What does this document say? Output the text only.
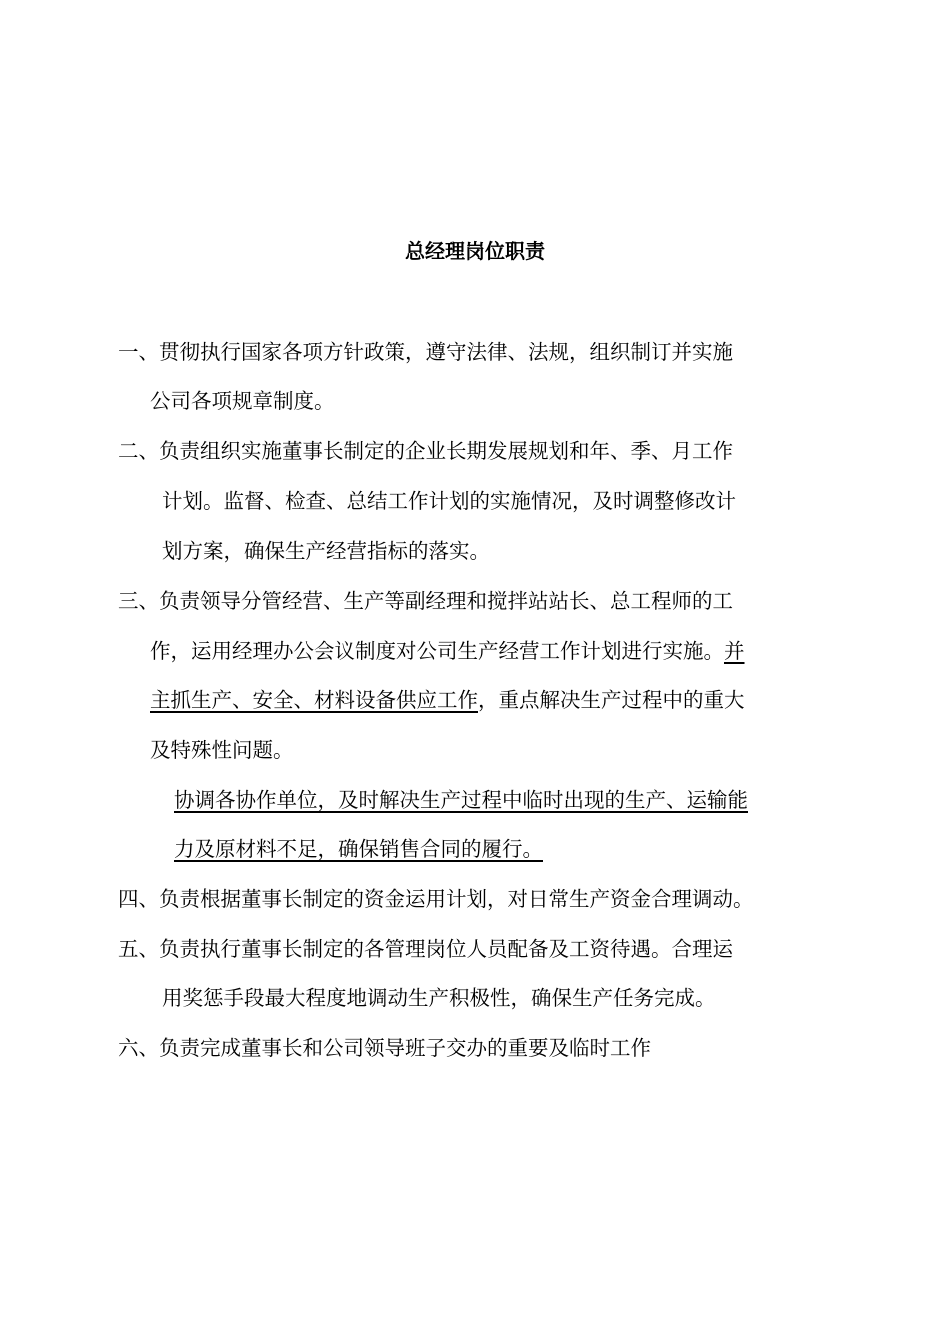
总经理岗位职责
一、贯彻执行国家各项方针政策，遵守法律、法规，组织制订并实施
公司各项规章制度。
二、负责组织实施董事长制定的企业长期发展规划和年、季、月工作
计划。监督、检查、总结工作计划的实施情况，及时调整修改计
划方案，确保生产经营指标的落实。
三、负责领导分管经营、生产等副经理和搅拌站站长、总工程师的工
作，运用经理办公会议制度对公司生产经营工作计划进行实施。并
主抓生产、安全、材料设备供应工作，重点解决生产过程中的重大
及特殊性问题。
协调各协作单位，及时解决生产过程中临时出现的生产、运输能
力及原材料不足，确保销售合同的履行。
四、负责根据董事长制定的资金运用计划，对日常生产资金合理调动。
五、负责执行董事长制定的各管理岗位人员配备及工资待遇。合理运
用奖惩手段最大程度地调动生产积极性，确保生产任务完成。
六、负责完成董事长和公司领导班子交办的重要及临时工作
